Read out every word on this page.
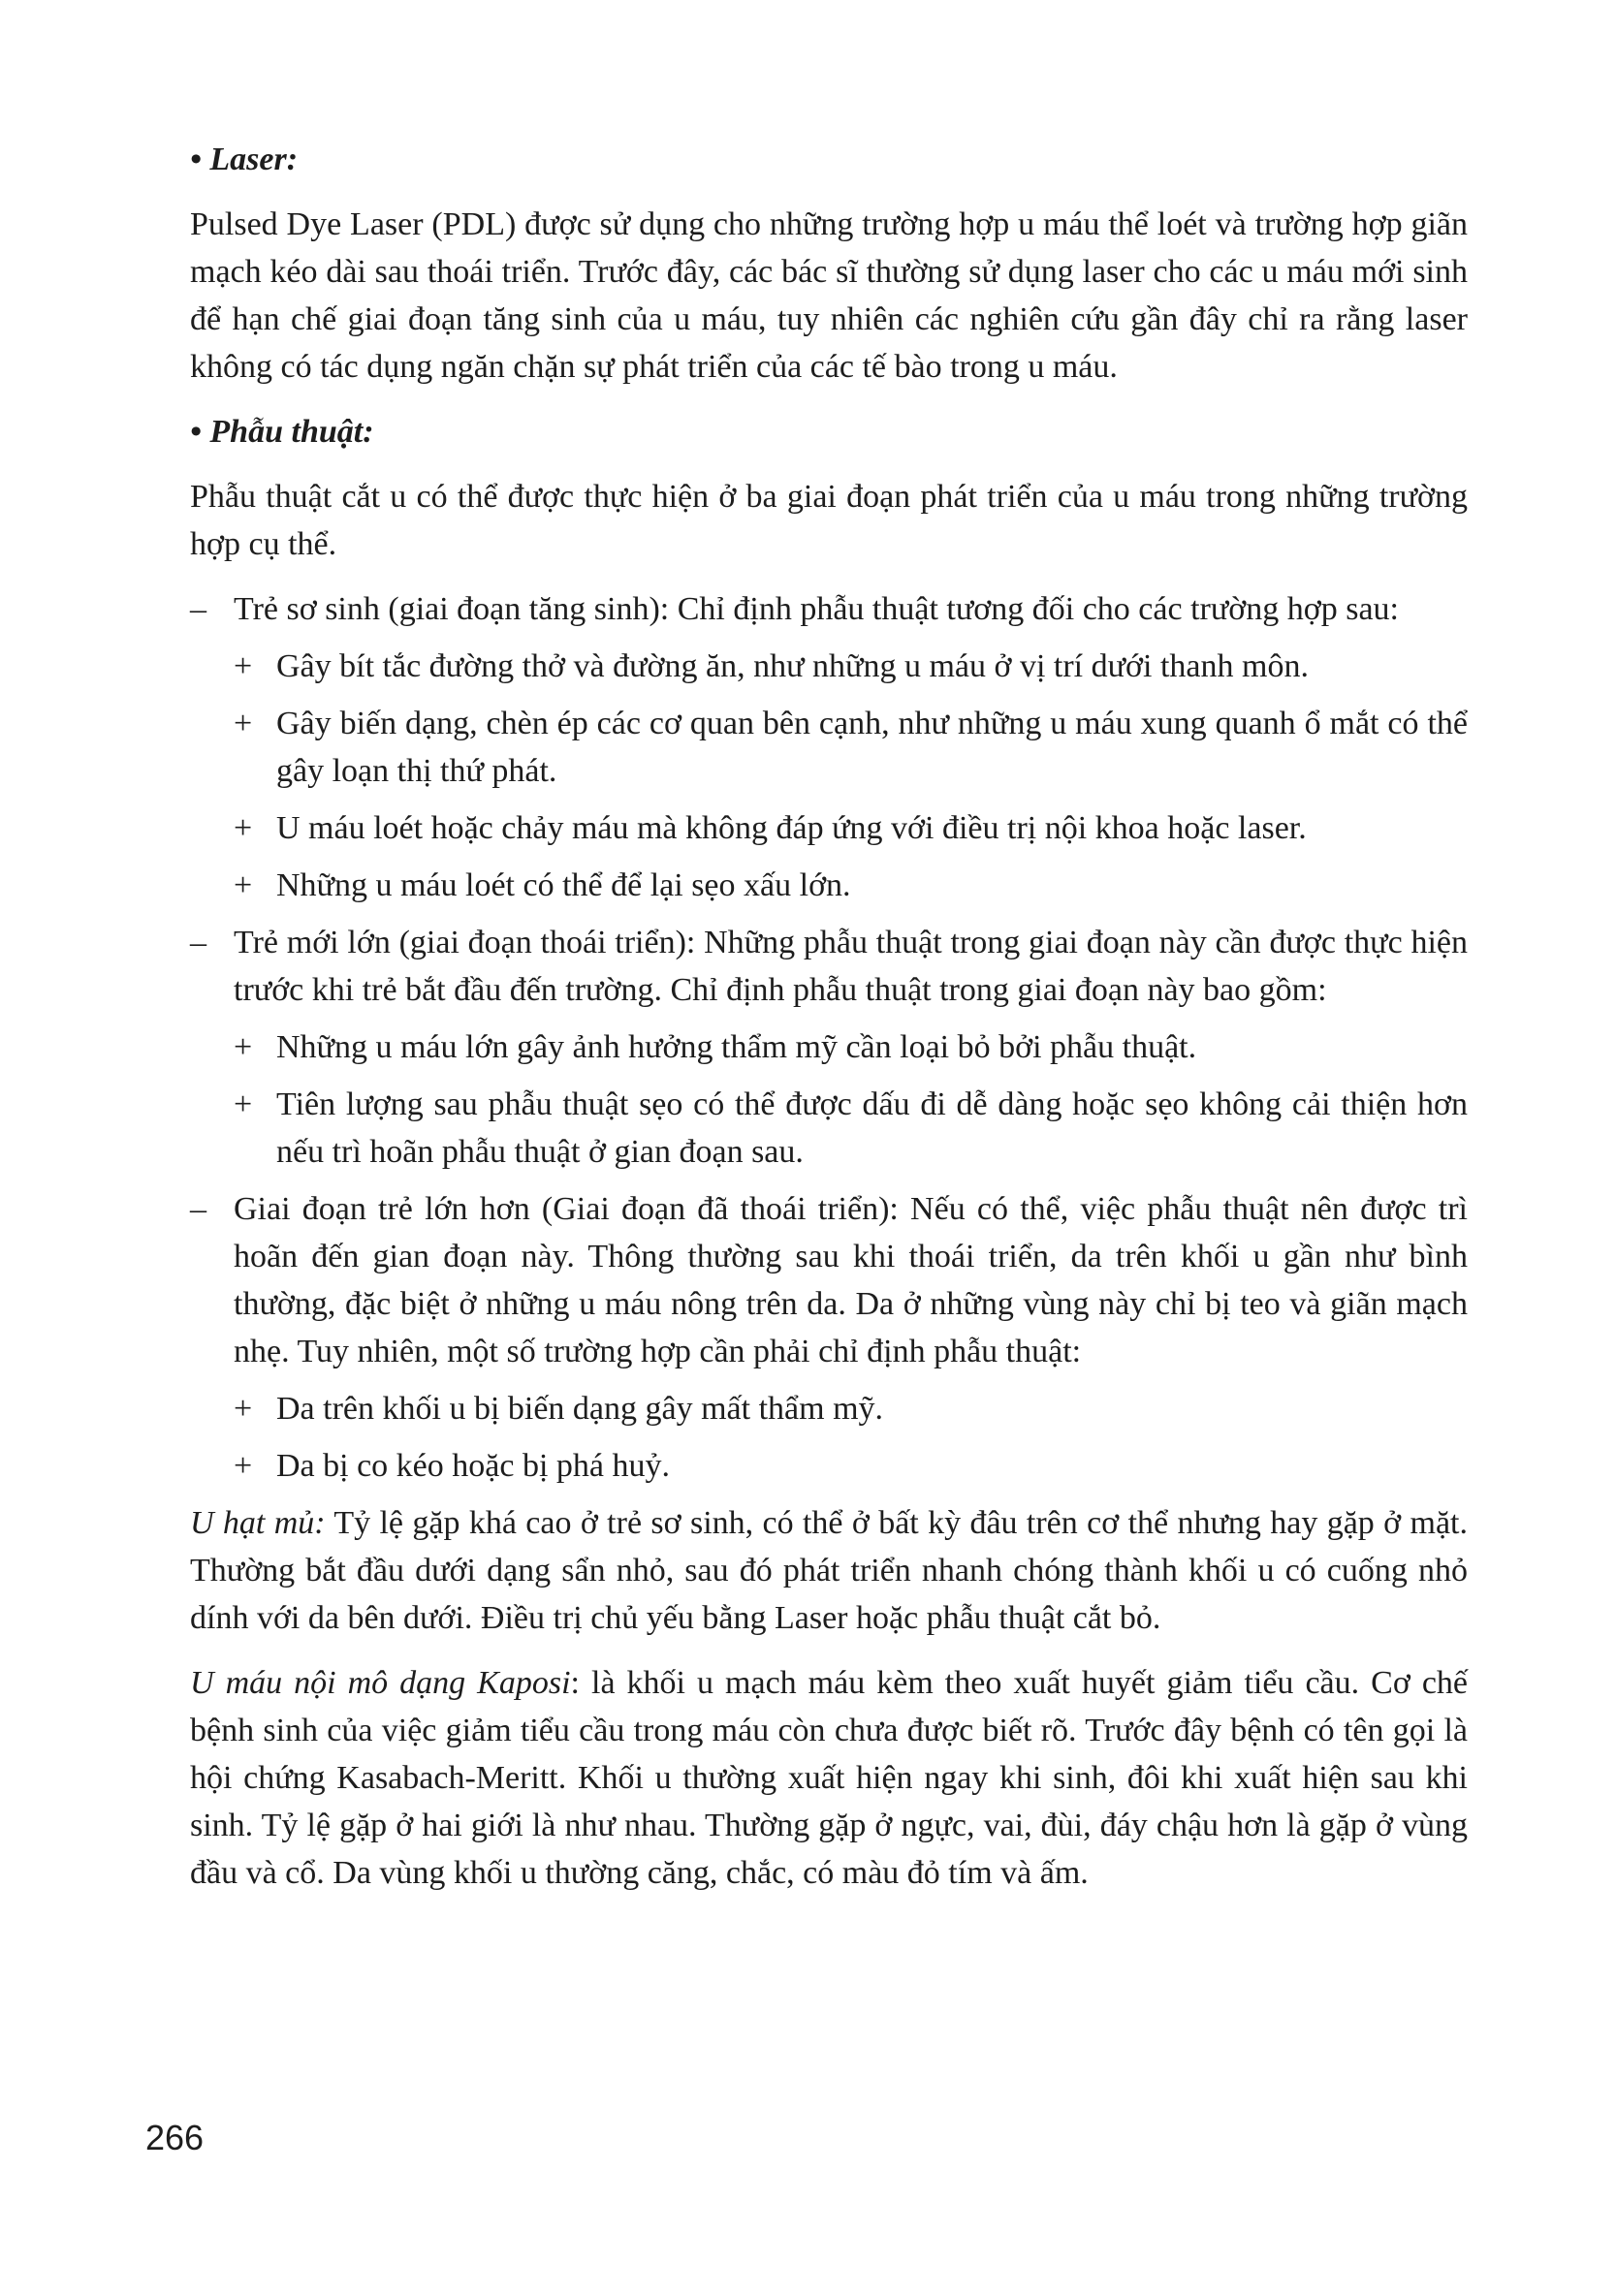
• Laser:
Pulsed Dye Laser (PDL) được sử dụng cho những trường hợp u máu thể loét và trường hợp giãn mạch kéo dài sau thoái triển. Trước đây, các bác sĩ thường sử dụng laser cho các u máu mới sinh để hạn chế giai đoạn tăng sinh của u máu, tuy nhiên các nghiên cứu gần đây chỉ ra rằng laser không có tác dụng ngăn chặn sự phát triển của các tế bào trong u máu.
• Phẫu thuật:
Phẫu thuật cắt u có thể được thực hiện ở ba giai đoạn phát triển của u máu trong những trường hợp cụ thể.
– Trẻ sơ sinh (giai đoạn tăng sinh): Chỉ định phẫu thuật tương đối cho các trường hợp sau:
+ Gây bít tắc đường thở và đường ăn, như những u máu ở vị trí dưới thanh môn.
+ Gây biến dạng, chèn ép các cơ quan bên cạnh, như những u máu xung quanh ổ mắt có thể gây loạn thị thứ phát.
+ U máu loét hoặc chảy máu mà không đáp ứng với điều trị nội khoa hoặc laser.
+ Những u máu loét có thể để lại sẹo xấu lớn.
– Trẻ mới lớn (giai đoạn thoái triển): Những phẫu thuật trong giai đoạn này cần được thực hiện trước khi trẻ bắt đầu đến trường. Chỉ định phẫu thuật trong giai đoạn này bao gồm:
+ Những u máu lớn gây ảnh hưởng thẩm mỹ cần loại bỏ bởi phẫu thuật.
+ Tiên lượng sau phẫu thuật sẹo có thể được dấu đi dễ dàng hoặc sẹo không cải thiện hơn nếu trì hoãn phẫu thuật ở gian đoạn sau.
– Giai đoạn trẻ lớn hơn (Giai đoạn đã thoái triển): Nếu có thể, việc phẫu thuật nên được trì hoãn đến gian đoạn này. Thông thường sau khi thoái triển, da trên khối u gần như bình thường, đặc biệt ở những u máu nông trên da. Da ở những vùng này chỉ bị teo và giãn mạch nhẹ. Tuy nhiên, một số trường hợp cần phải chỉ định phẫu thuật:
+ Da trên khối u bị biến dạng gây mất thẩm mỹ.
+ Da bị co kéo hoặc bị phá huỷ.
U hạt mủ: Tỷ lệ gặp khá cao ở trẻ sơ sinh, có thể ở bất kỳ đâu trên cơ thể nhưng hay gặp ở mặt. Thường bắt đầu dưới dạng sẩn nhỏ, sau đó phát triển nhanh chóng thành khối u có cuống nhỏ dính với da bên dưới. Điều trị chủ yếu bằng Laser hoặc phẫu thuật cắt bỏ.
U máu nội mô dạng Kaposi: là khối u mạch máu kèm theo xuất huyết giảm tiểu cầu. Cơ chế bệnh sinh của việc giảm tiểu cầu trong máu còn chưa được biết rõ. Trước đây bệnh có tên gọi là hội chứng Kasabach-Meritt. Khối u thường xuất hiện ngay khi sinh, đôi khi xuất hiện sau khi sinh. Tỷ lệ gặp ở hai giới là như nhau. Thường gặp ở ngực, vai, đùi, đáy chậu hơn là gặp ở vùng đầu và cổ. Da vùng khối u thường căng, chắc, có màu đỏ tím và ấm.
266
